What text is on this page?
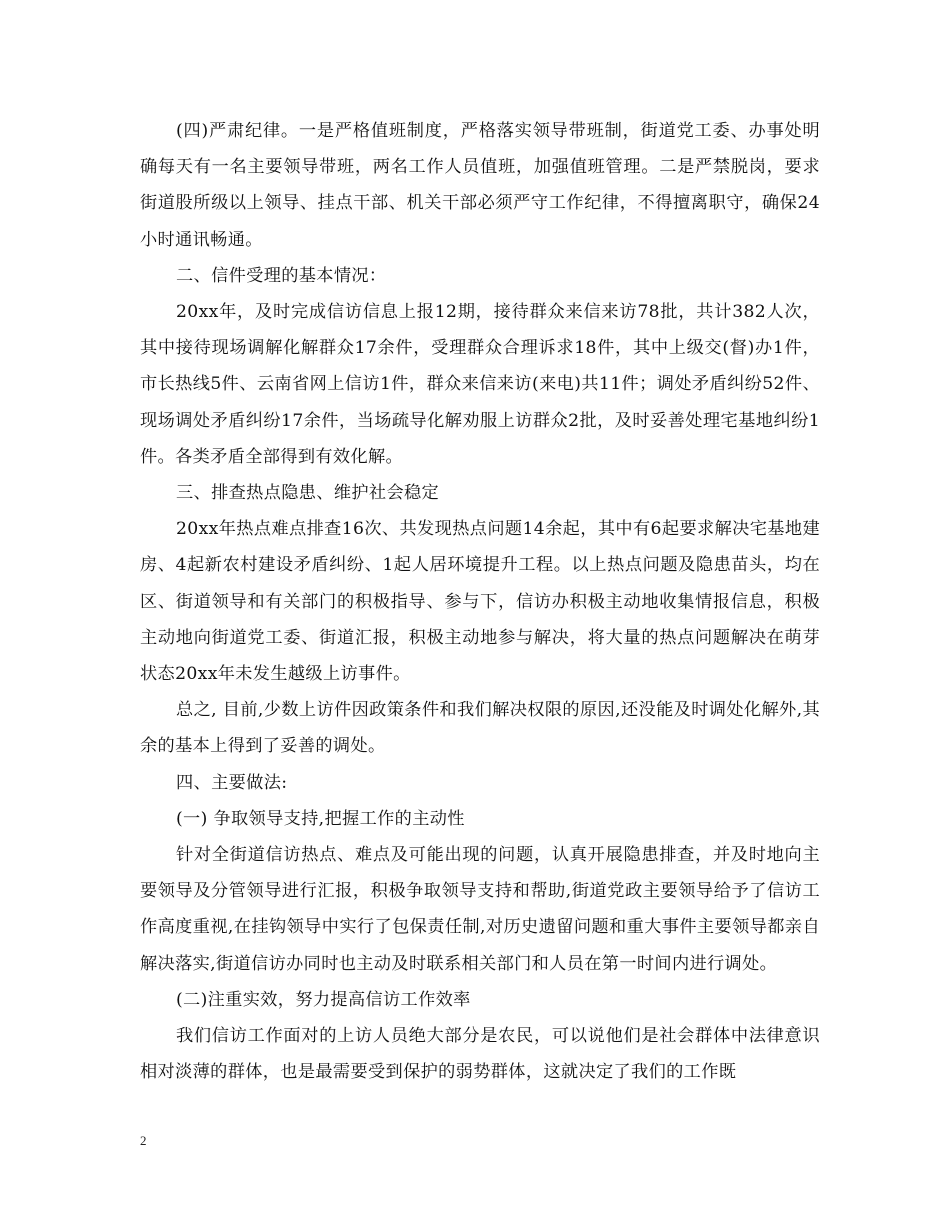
(四)严肃纪律。一是严格值班制度，严格落实领导带班制，街道党工委、办事处明确每天有一名主要领导带班，两名工作人员值班，加强值班管理。二是严禁脱岗，要求街道股所级以上领导、挂点干部、机关干部必须严守工作纪律，不得擅离职守，确保24小时通讯畅通。

二、信件受理的基本情况：

20xx年，及时完成信访信息上报12期，接待群众来信来访78批，共计382人次，其中接待现场调解化解群众17余件，受理群众合理诉求18件，其中上级交(督)办1件，市长热线5件、云南省网上信访1件，群众来信来访(来电)共11件；调处矛盾纠纷52件、现场调处矛盾纠纷17余件，当场疏导化解劝服上访群众2批，及时妥善处理宅基地纠纷1件。各类矛盾全部得到有效化解。

三、排查热点隐患、维护社会稳定

20xx年热点难点排查16次、共发现热点问题14余起，其中有6起要求解决宅基地建房、4起新农村建设矛盾纠纷、1起人居环境提升工程。以上热点问题及隐患苗头，均在区、街道领导和有关部门的积极指导、参与下，信访办积极主动地收集情报信息，积极主动地向街道党工委、街道汇报，积极主动地参与解决，将大量的热点问题解决在萌芽状态20xx年未发生越级上访事件。

总之, 目前,少数上访件因政策条件和我们解决权限的原因,还没能及时调处化解外,其余的基本上得到了妥善的调处。

四、主要做法:

(一) 争取领导支持,把握工作的主动性

针对全街道信访热点、难点及可能出现的问题，认真开展隐患排查，并及时地向主要领导及分管领导进行汇报，积极争取领导支持和帮助,街道党政主要领导给予了信访工作高度重视,在挂钩领导中实行了包保责任制,对历史遗留问题和重大事件主要领导都亲自解决落实,街道信访办同时也主动及时联系相关部门和人员在第一时间内进行调处。

(二)注重实效，努力提高信访工作效率

我们信访工作面对的上访人员绝大部分是农民，可以说他们是社会群体中法律意识相对淡薄的群体，也是最需要受到保护的弱势群体，这就决定了我们的工作既

2
